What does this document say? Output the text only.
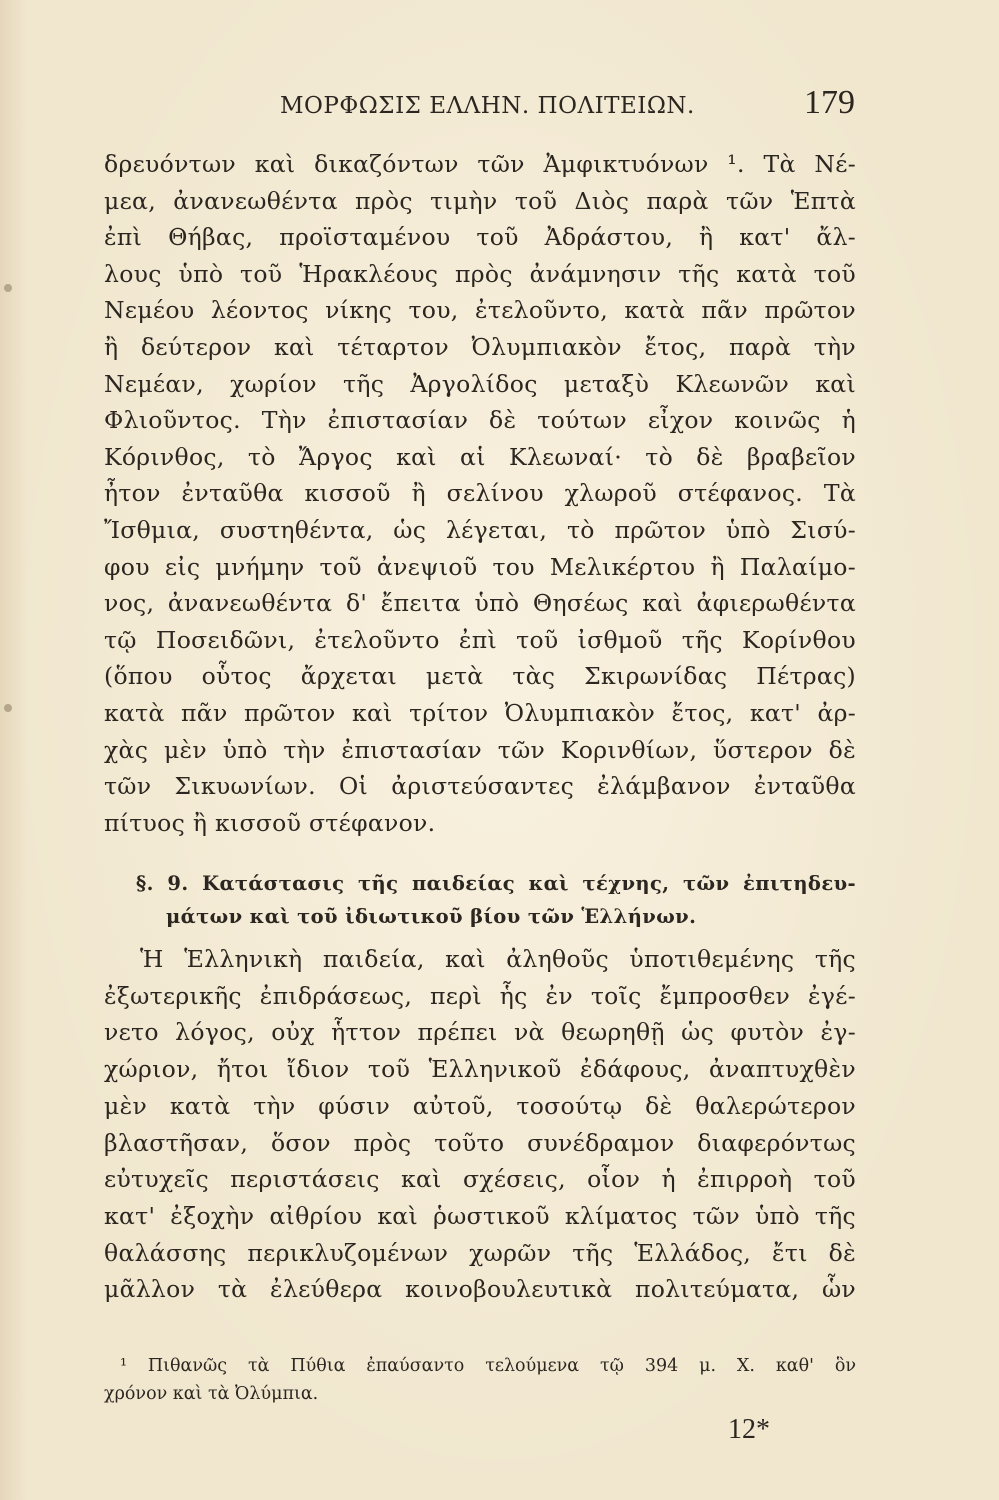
ΜΟΡΦΩΣΙΣ ΕΛΛΗΝ. ΠΟΛΙΤΕΙΩΝ.	179
δρευόντων καὶ δικαζόντων τῶν Ἀμφικτυόνων ¹. Τὰ Νέ-
μεα, ἀνανεωθέντα πρὸς τιμὴν τοῦ Διὸς παρὰ τῶν Ἑπτὰ
ἐπὶ Θήβας, προϊσταμένου τοῦ Ἀδράστου, ἢ κατ' ἄλ-
λους ὑπὸ τοῦ Ἡρακλέους πρὸς ἀνάμνησιν τῆς κατὰ τοῦ
Νεμέου λέοντος νίκης του, ἐτελοῦντο, κατὰ πᾶν πρῶτον
ἢ δεύτερον καὶ τέταρτον Ὀλυμπιακὸν ἔτος, παρὰ τὴν
Νεμέαν, χωρίον τῆς Ἀργολίδος μεταξὺ Κλεωνῶν καὶ
Φλιοῦντος. Τὴν ἐπιστασίαν δὲ τούτων εἶχον κοινῶς ἡ
Κόρινθος, τὸ Ἄργος καὶ αἱ Κλεωναί· τὸ δὲ βραβεῖον
ἦτον ἐνταῦθα κισσοῦ ἢ σελίνου χλωροῦ στέφανος. Τὰ
Ἴσθμια, συστηθέντα, ὡς λέγεται, τὸ πρῶτον ὑπὸ Σισύ-
φου εἰς μνήμην τοῦ ἀνεψιοῦ του Μελικέρτου ἢ Παλαίμο-
νος, ἀνανεωθέντα δ' ἔπειτα ὑπὸ Θησέως καὶ ἀφιερωθέντα
τῷ Ποσειδῶνι, ἐτελοῦντο ἐπὶ τοῦ ἰσθμοῦ τῆς Κορίνθου
(ὅπου οὗτος ἄρχεται μετὰ τὰς Σκιρωνίδας Πέτρας)
κατὰ πᾶν πρῶτον καὶ τρίτον Ὀλυμπιακὸν ἔτος, κατ' ἀρ-
χὰς μὲν ὑπὸ τὴν ἐπιστασίαν τῶν Κορινθίων, ὕστερον δὲ
τῶν Σικυωνίων. Οἱ ἀριστεύσαντες ἐλάμβανον ἐνταῦθα
πίτυος ἢ κισσοῦ στέφανον.
§. 9. Κατάστασις τῆς παιδείας καὶ τέχνης, τῶν ἐπιτηδευ-
μάτων καὶ τοῦ ἰδιωτικοῦ βίου τῶν Ἑλλήνων.
Ἡ Ἑλληνικὴ παιδεία, καὶ ἀληθοῦς ὑποτιθεμένης τῆς
ἐξωτερικῆς ἐπιδράσεως, περὶ ἧς ἐν τοῖς ἔμπροσθεν ἐγέ-
νετο λόγος, οὐχ ἧττον πρέπει νὰ θεωρηθῇ ὡς φυτὸν ἐγ-
χώριον, ἤτοι ἴδιον τοῦ Ἑλληνικοῦ ἐδάφους, ἀναπτυχθὲν
μὲν κατὰ τὴν φύσιν αὐτοῦ, τοσούτῳ δὲ θαλερώτερον
βλαστῆσαν, ὅσον πρὸς τοῦτο συνέδραμον διαφερόντως
εὐτυχεῖς περιστάσεις καὶ σχέσεις, οἷον ἡ ἐπιρροὴ τοῦ
κατ' ἐξοχὴν αἰθρίου καὶ ῥωστικοῦ κλίματος τῶν ὑπὸ τῆς
θαλάσσης περικλυζομένων χωρῶν τῆς Ἑλλάδος, ἔτι δὲ
μᾶλλον τὰ ἐλεύθερα κοινοβουλευτικὰ πολιτεύματα, ὧν
¹ Πιθανῶς τὰ Πύθια ἐπαύσαντο τελούμενα τῷ 394 μ. Χ. καθ' ὃν
χρόνον καὶ τὰ Ὀλύμπια.
12*
